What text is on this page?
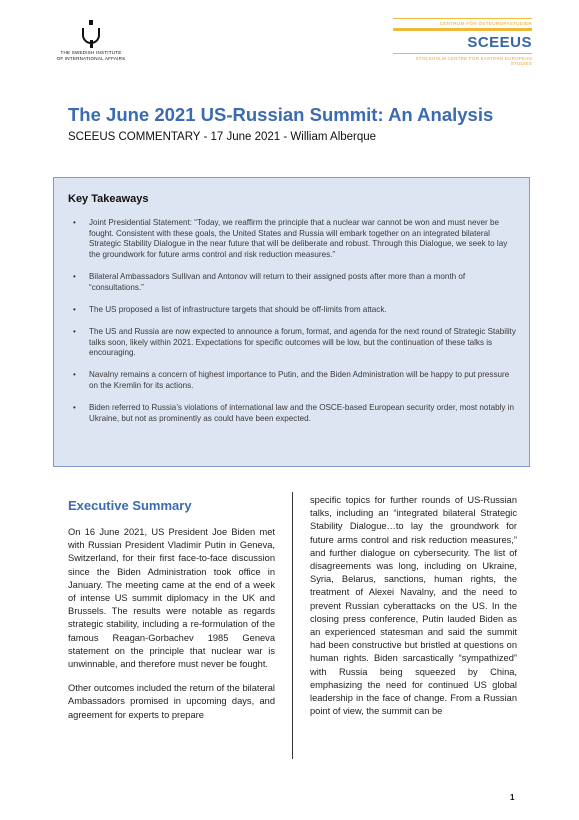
THE SWEDISH INSTITUTE
OF INTERNATIONAL AFFAIRS
CENTRUM FÖR ÖSTEUROPASTUDIER
SCEEUS
STOCKHOLM CENTRE FOR EASTERN EUROPEAN STUDIES
The June 2021 US-Russian Summit: An Analysis
SCEEUS COMMENTARY - 17 June 2021 - William Alberque
Key Takeaways
• Joint Presidential Statement: “Today, we reaffirm the principle that a nuclear war cannot be won and must never be fought. Consistent with these goals, the United States and Russia will embark together on an integrated bilateral Strategic Stability Dialogue in the near future that will be deliberate and robust. Through this Dialogue, we seek to lay the groundwork for future arms control and risk reduction measures.”
• Bilateral Ambassadors Sullivan and Antonov will return to their assigned posts after more than a month of “consultations.”
• The US proposed a list of infrastructure targets that should be off-limits from attack.
• The US and Russia are now expected to announce a forum, format, and agenda for the next round of Strategic Stability talks soon, likely within 2021. Expectations for specific outcomes will be low, but the continuation of these talks is encouraging.
• Navalny remains a concern of highest importance to Putin, and the Biden Administration will be happy to put pressure on the Kremlin for its actions.
• Biden referred to Russia’s violations of international law and the OSCE-based European security order, most notably in Ukraine, but not as prominently as could have been expected.
Executive Summary

On 16 June 2021, US President Joe Biden met with Russian President Vladimir Putin in Geneva, Switzerland, for their first face-to-face discussion since the Biden Administration took office in January. The meeting came at the end of a week of intense US summit diplomacy in the UK and Brussels. The results were notable as regards strategic stability, including a re-formulation of the famous Reagan-Gorbachev 1985 Geneva statement on the principle that nuclear war is unwinnable, and therefore must never be fought.

Other outcomes included the return of the bilateral Ambassadors promised in upcoming days, and agreement for experts to prepare

specific topics for further rounds of US-Russian talks, including an “integrated bilateral Strategic Stability Dialogue…to lay the groundwork for future arms control and risk reduction measures,” and further dialogue on cybersecurity. The list of disagreements was long, including on Ukraine, Syria, Belarus, sanctions, human rights, the treatment of Alexei Navalny, and the need to prevent Russian cyberattacks on the US. In the closing press conference, Putin lauded Biden as an experienced statesman and said the summit had been constructive but bristled at questions on human rights. Biden sarcastically “sympathized” with Russia being squeezed by China, emphasizing the need for continued US global leadership in the face of change. From a Russian point of view, the summit can be

1
